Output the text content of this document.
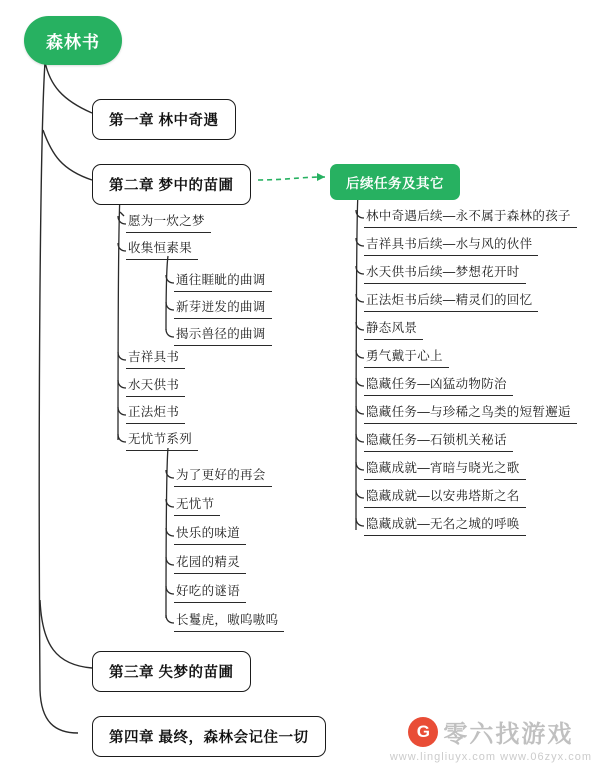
森林书
第一章 林中奇遇
第二章 梦中的苗圃
第三章 失梦的苗圃
第四章 最终，森林会记住一切
愿为一炊之梦
收集恒素果
通往睚眦的曲调
新芽迸发的曲调
揭示兽径的曲调
吉祥具书
水天供书
正法炬书
无忧节系列
为了更好的再会
无忧节
快乐的味道
花园的精灵
好吃的谜语
长鬘虎，嗷呜嗷呜
后续任务及其它
林中奇遇后续—永不属于森林的孩子
吉祥具书后续—水与风的伙伴
水天供书后续—梦想花开时
正法炬书后续—精灵们的回忆
静态风景
勇气戴于心上
隐藏任务—凶猛动物防治
隐藏任务—与珍稀之鸟类的短暂邂逅
隐藏任务—石锁机关秘话
隐藏成就—宵暗与晓光之歌
隐藏成就—以安弗塔斯之名
隐藏成就—无名之城的呼唤
G 零六找游戏
www.lingliuyx.com www.06zyx.com
